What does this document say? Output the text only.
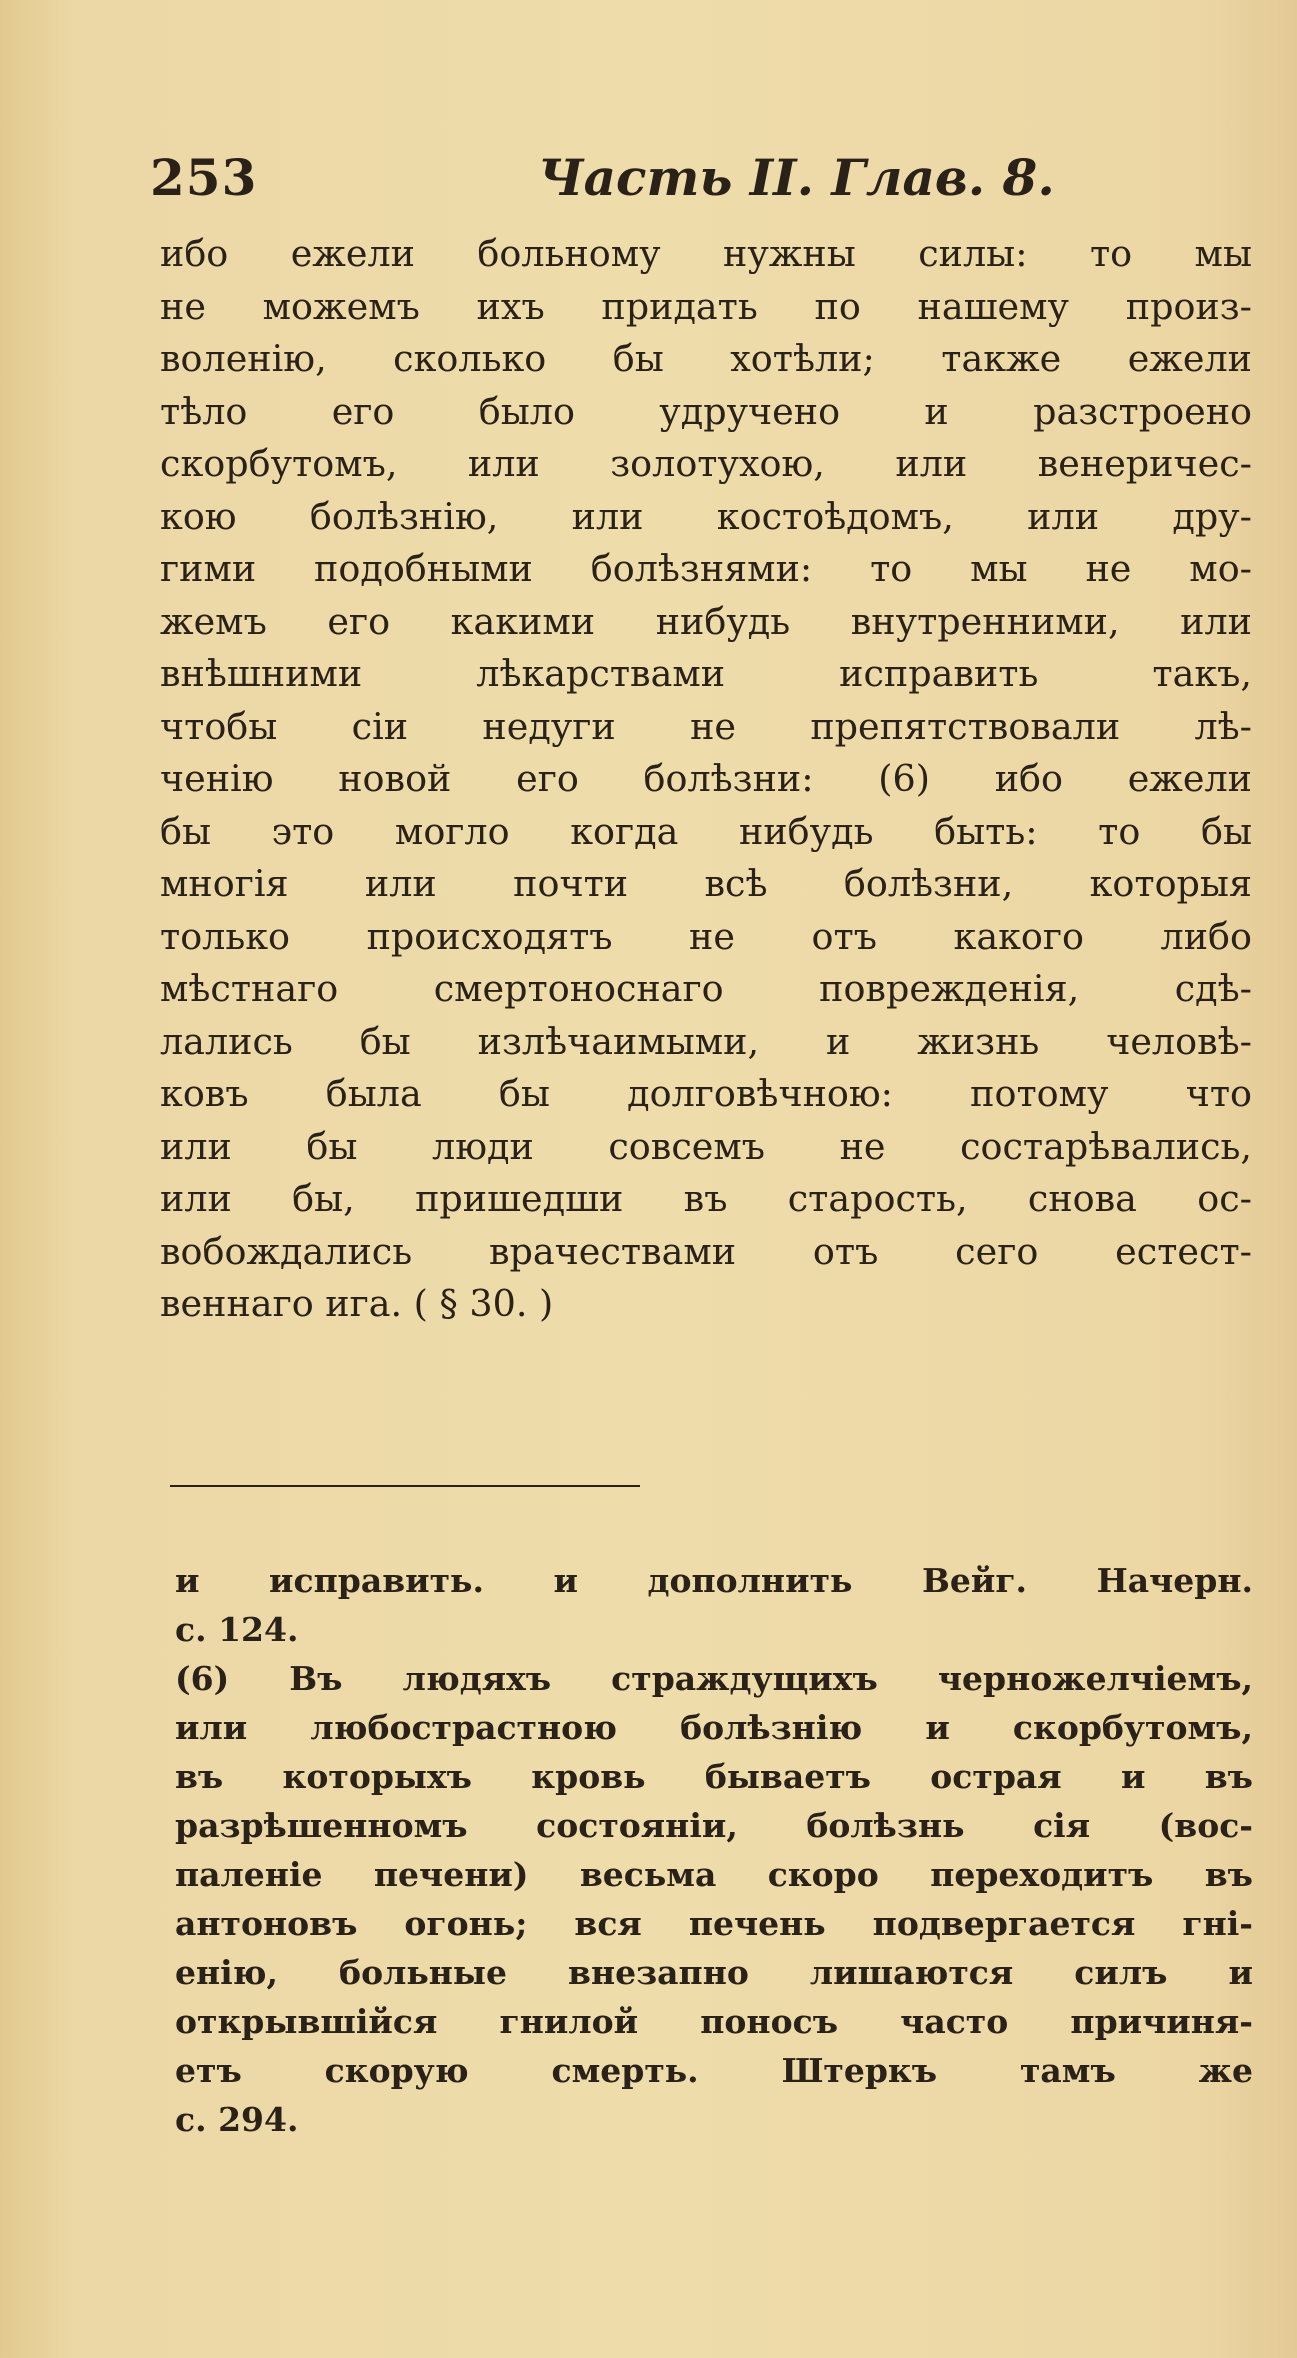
253	Часть II. Глав. 8.
ибо ежели больному нужны силы: то мы
не можемъ ихъ придать по нашему произ-
воленію, сколько бы хотѣли; также ежели
тѣло его было удручено и разстроено
скорбутомъ, или золотухою, или венеричес-
кою болѣзнію, или костоѣдомъ, или дру-
гими подобными болѣзнями: то мы не мо-
жемъ его какими нибудь внутренними, или
внѣшними лѣкарствами исправить такъ,
чтобы сіи недуги не препятствовали лѣ-
ченію новой его болѣзни: (6) ибо ежели
бы это могло когда нибудь быть: то бы
многія или почти всѣ болѣзни, которыя
только происходятъ не отъ какого либо
мѣстнаго смертоноснаго поврежденія, сдѣ-
лались бы излѣчаимыми, и жизнь человѣ-
ковъ была бы долговѣчною: потому что
или бы люди совсемъ не состарѣвались,
или бы, пришедши въ старость, снова ос-
вобождались врачествами отъ сего естест-
веннаго ига. ( § 30. )
и исправить. и дополнить Вейг. Начерн.
с. 124.
(6) Въ людяхъ страждущихъ черножелчіемъ,
или любострастною болѣзнію и скорбутомъ,
въ которыхъ кровь бываетъ острая и въ
разрѣшенномъ состояніи, болѣзнь сія (вос-
паленіе печени) весьма скоро переходитъ въ
антоновъ огонь; вся печень подвергается гні-
енію, больные внезапно лишаются силъ и
открывшійся гнилой поносъ часто причиня-
етъ скорую смерть. Штеркъ тамъ же
с. 294.
